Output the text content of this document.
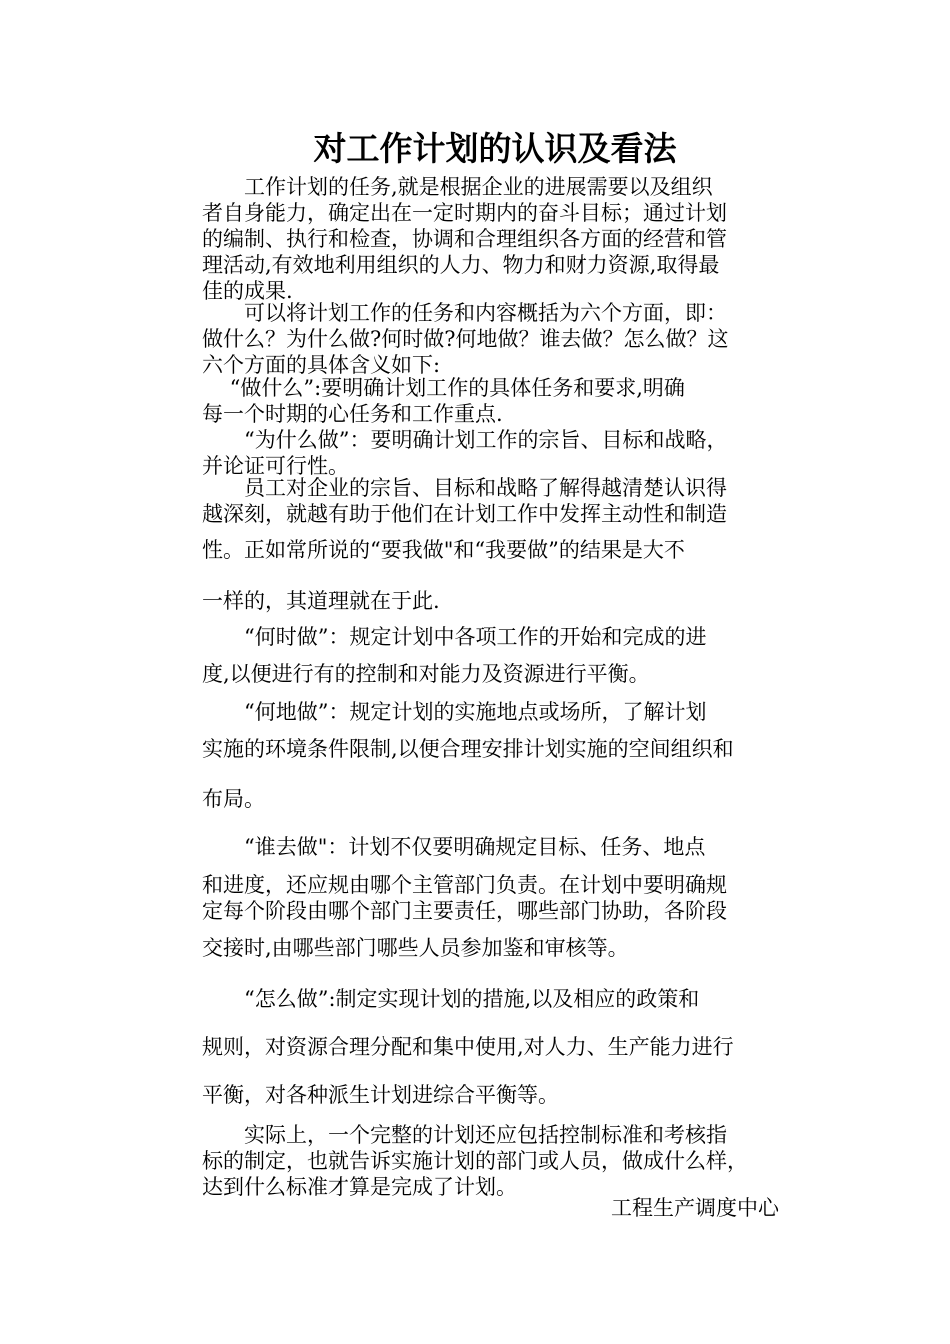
对工作计划的认识及看法
　　工作计划的任务,就是根据企业的进展需要以及组织
者自身能力，确定出在一定时期内的奋斗目标；通过计划
的编制、执行和检查，协调和合理组织各方面的经营和管
理活动,有效地利用组织的人力、物力和财力资源,取得最
佳的成果.
　　可以将计划工作的任务和内容概括为六个方面，即：
做什么？为什么做?何时做?何地做？谁去做？怎么做？这
六个方面的具体含义如下:
　 “做什么”:要明确计划工作的具体任务和要求,明确
每一个时期的心任务和工作重点.
　　“为什么做”：要明确计划工作的宗旨、目标和战略，
并论证可行性。
　　员工对企业的宗旨、目标和战略了解得越清楚认识得
越深刻，就越有助于他们在计划工作中发挥主动性和制造
性。正如常所说的“要我做"和“我要做”的结果是大不
一样的，其道理就在于此.
　　“何时做”：规定计划中各项工作的开始和完成的进
度,以便进行有的控制和对能力及资源进行平衡。
　　“何地做”：规定计划的实施地点或场所，了解计划
实施的环境条件限制,以便合理安排计划实施的空间组织和
布局。
　　“谁去做"：计划不仅要明确规定目标、任务、地点
和进度，还应规由哪个主管部门负责。在计划中要明确规
定每个阶段由哪个部门主要责任，哪些部门协助，各阶段
交接时,由哪些部门哪些人员参加鉴和审核等。
　　“怎么做”:制定实现计划的措施,以及相应的政策和
规则，对资源合理分配和集中使用,对人力、生产能力进行
平衡，对各种派生计划进综合平衡等。
　　实际上，一个完整的计划还应包括控制标准和考核指
标的制定，也就告诉实施计划的部门或人员，做成什么样，
达到什么标准才算是完成了计划。
工程生产调度中心
